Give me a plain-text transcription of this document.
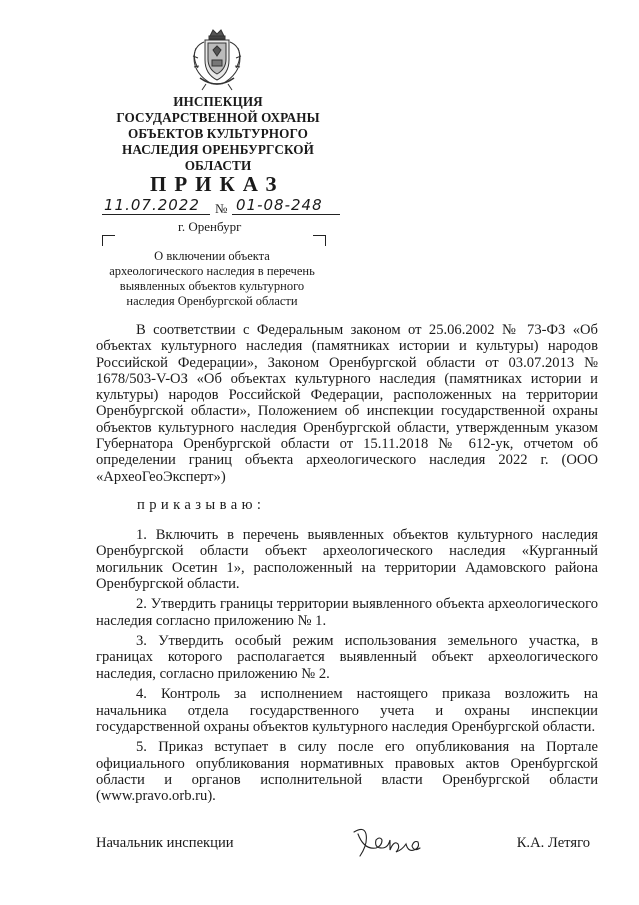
ИНСПЕКЦИЯ
ГОСУДАРСТВЕННОЙ ОХРАНЫ
ОБЪЕКТОВ КУЛЬТУРНОГО
НАСЛЕДИЯ ОРЕНБУРГСКОЙ
ОБЛАСТИ
ПРИКАЗ
11.07.2022 № 01-08-248
г. Оренбург
О включении объекта
археологического наследия в перечень
выявленных объектов культурного
наследия Оренбургской области

В соответствии с Федеральным законом от 25.06.2002 № 73-ФЗ «Об объектах культурного наследия (памятниках истории и культуры) народов Российской Федерации», Законом Оренбургской области от 03.07.2013 № 1678/503-V-ОЗ «Об объектах культурного наследия (памятниках истории и культуры) народов Российской Федерации, расположенных на территории Оренбургской области», Положением об инспекции государственной охраны объектов культурного наследия Оренбургской области, утвержденным указом Губернатора Оренбургской области от 15.11.2018 № 612-ук, отчетом об определении границ объекта археологического наследия 2022 г. (ООО «АрхеоГеоЭксперт»)

приказываю:

1. Включить в перечень выявленных объектов культурного наследия Оренбургской области объект археологического наследия «Курганный могильник Осетин 1», расположенный на территории Адамовского района Оренбургской области.

2. Утвердить границы территории выявленного объекта археологического наследия согласно приложению № 1.

3. Утвердить особый режим использования земельного участка, в границах которого располагается выявленный объект археологического наследия, согласно приложению № 2.

4. Контроль за исполнением настоящего приказа возложить на начальника отдела государственного учета и охраны инспекции государственной охраны объектов культурного наследия Оренбургской области.

5. Приказ вступает в силу после его опубликования на Портале официального опубликования нормативных правовых актов Оренбургской области и органов исполнительной власти Оренбургской области (www.pravo.orb.ru).

Начальник инспекции	К.А. Летяго
